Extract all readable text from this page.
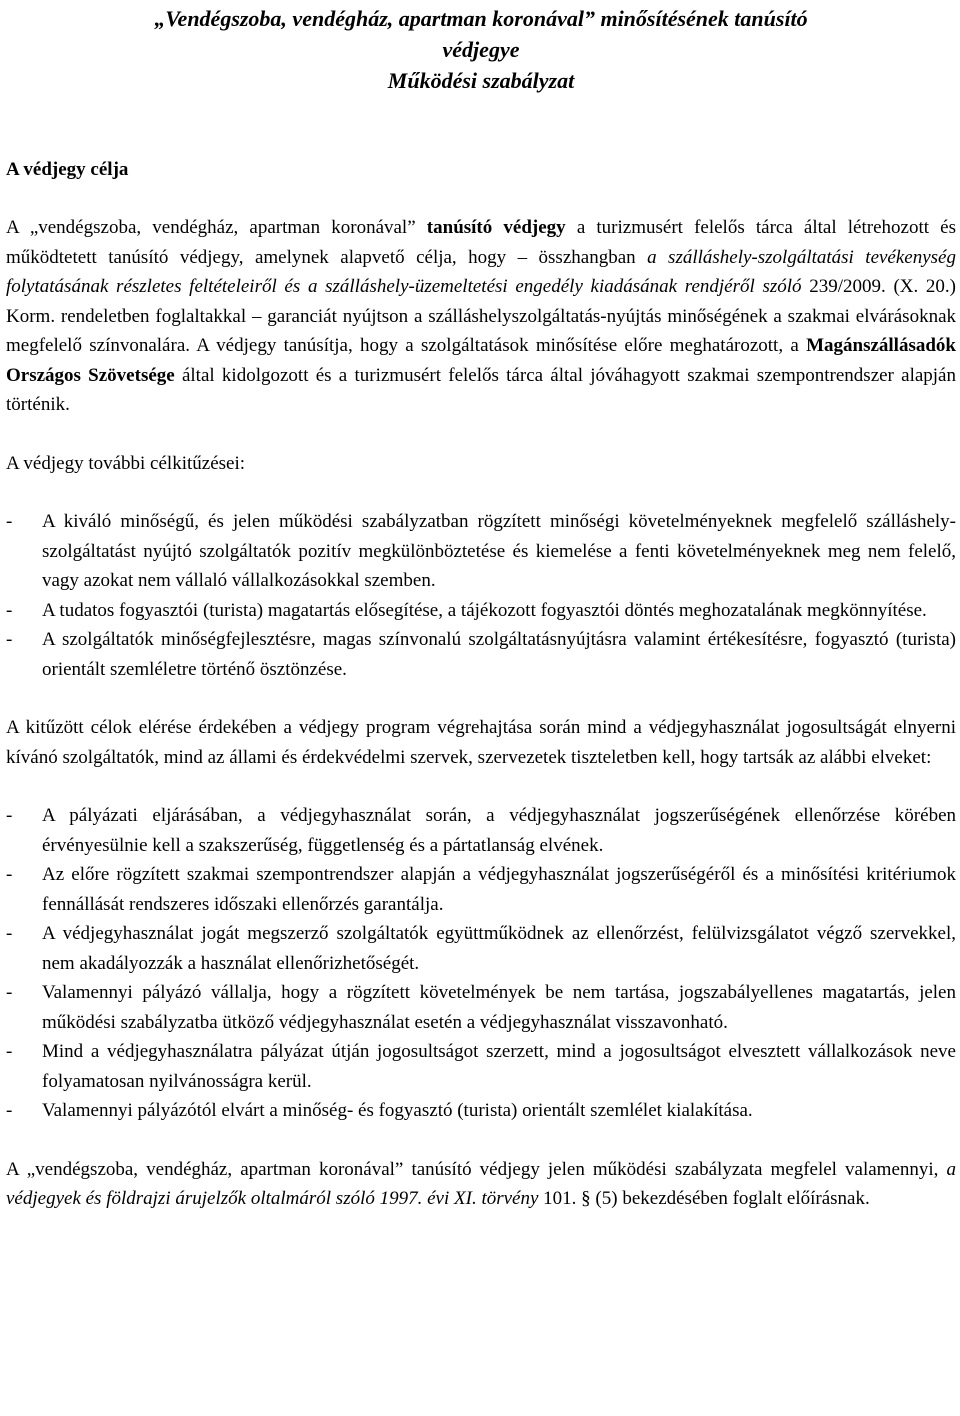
„Vendégszoba, vendégház, apartman koronával” minősítésének tanúsító
védjegye
Működési szabályzat
A védjegy célja

A „vendégszoba, vendégház, apartman koronával” tanúsító védjegy a turizmusért felelős tárca által létrehozott és működtetett tanúsító védjegy, amelynek alapvető célja, hogy – összhangban a szálláshely-szolgáltatási tevékenység folytatásának részletes feltételeiről és a szálláshely-üzemeltetési engedély kiadásának rendjéről szóló 239/2009. (X. 20.) Korm. rendeletben foglaltakkal – garanciát nyújtson a szálláshelyszolgáltatás-nyújtás minőségének a szakmai elvárásoknak megfelelő színvonalára. A védjegy tanúsítja, hogy a szolgáltatások minősítése előre meghatározott, a Magánszállásadók Országos Szövetsége által kidolgozott és a turizmusért felelős tárca által jóváhagyott szakmai szempontrendszer alapján történik.

A védjegy további célkitűzései:

- A kiváló minőségű, és jelen működési szabályzatban rögzített minőségi követelményeknek megfelelő szálláshely-szolgáltatást nyújtó szolgáltatók pozitív megkülönböztetése és kiemelése a fenti követelményeknek meg nem felelő, vagy azokat nem vállaló vállalkozásokkal szemben.
- A tudatos fogyasztói (turista) magatartás elősegítése, a tájékozott fogyasztói döntés meghozatalának megkönnyítése.
- A szolgáltatók minőségfejlesztésre, magas színvonalú szolgáltatásnyújtásra valamint értékesítésre, fogyasztó (turista) orientált szemléletre történő ösztönzése.

A kitűzött célok elérése érdekében a védjegy program végrehajtása során mind a védjegyhasználat jogosultságát elnyerni kívánó szolgáltatók, mind az állami és érdekvédelmi szervek, szervezetek tiszteletben kell, hogy tartsák az alábbi elveket:

- A pályázati eljárásában, a védjegyhasználat során, a védjegyhasználat jogszerűségének ellenőrzése körében érvényesülnie kell a szakszerűség, függetlenség és a pártatlanság elvének.
- Az előre rögzített szakmai szempontrendszer alapján a védjegyhasználat jogszerűségéről és a minősítési kritériumok fennállását rendszeres időszaki ellenőrzés garantálja.
- A védjegyhasználat jogát megszerző szolgáltatók együttműködnek az ellenőrzést, felülvizsgálatot végző szervekkel, nem akadályozzák a használat ellenőrizhetőségét.
- Valamennyi pályázó vállalja, hogy a rögzített követelmények be nem tartása, jogszabályellenes magatartás, jelen működési szabályzatba ütköző védjegyhasználat esetén a védjegyhasználat visszavonható.
- Mind a védjegyhasználatra pályázat útján jogosultságot szerzett, mind a jogosultságot elvesztett vállalkozások neve folyamatosan nyilvánosságra kerül.
- Valamennyi pályázótól elvárt a minőség- és fogyasztó (turista) orientált szemlélet kialakítása.

A „vendégszoba, vendégház, apartman koronával” tanúsító védjegy jelen működési szabályzata megfelel valamennyi, a védjegyek és földrajzi árujelzők oltalmáról szóló 1997. évi XI. törvény 101. § (5) bekezdésében foglalt előírásnak.
